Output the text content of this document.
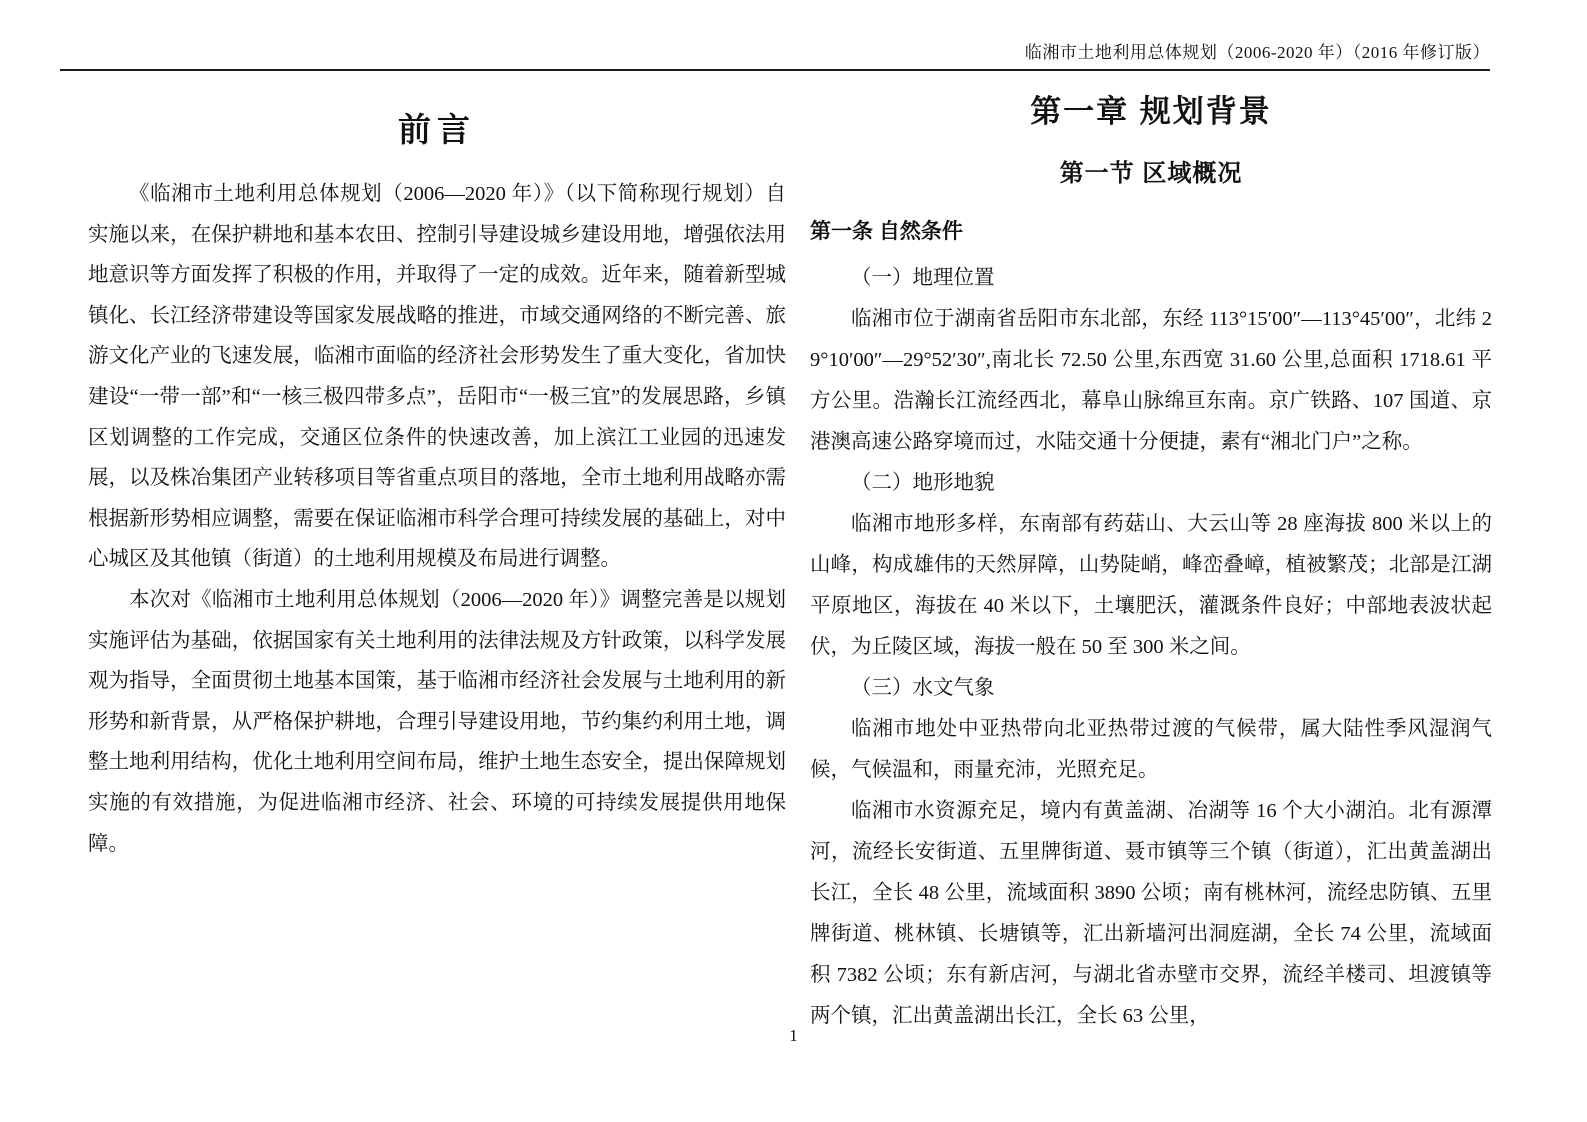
临湘市土地利用总体规划（2006-2020 年）（2016 年修订版）
前言

《临湘市土地利用总体规划（2006—2020 年）》（以下简称现行规划）自实施以来，在保护耕地和基本农田、控制引导建设城乡建设用地，增强依法用地意识等方面发挥了积极的作用，并取得了一定的成效。近年来，随着新型城镇化、长江经济带建设等国家发展战略的推进，市域交通网络的不断完善、旅游文化产业的飞速发展，临湘市面临的经济社会形势发生了重大变化，省加快建设“一带一部”和“一核三极四带多点”，岳阳市“一极三宜”的发展思路，乡镇区划调整的工作完成，交通区位条件的快速改善，加上滨江工业园的迅速发展，以及株冶集团产业转移项目等省重点项目的落地，全市土地利用战略亦需根据新形势相应调整，需要在保证临湘市科学合理可持续发展的基础上，对中心城区及其他镇（街道）的土地利用规模及布局进行调整。

本次对《临湘市土地利用总体规划（2006—2020 年）》调整完善是以规划实施评估为基础，依据国家有关土地利用的法律法规及方针政策，以科学发展观为指导，全面贯彻土地基本国策，基于临湘市经济社会发展与土地利用的新形势和新背景，从严格保护耕地，合理引导建设用地，节约集约利用土地，调整土地利用结构，优化土地利用空间布局，维护土地生态安全，提出保障规划实施的有效措施，为促进临湘市经济、社会、环境的可持续发展提供用地保障。

第一章 规划背景
第一节 区域概况
第一条 自然条件

（一）地理位置

临湘市位于湖南省岳阳市东北部，东经 113°15′00″—113°45′00″，北纬 29°10′00″—29°52′30″,南北长 72.50 公里,东西宽 31.60 公里,总面积 1718.61 平方公里。浩瀚长江流经西北，幕阜山脉绵亘东南。京广铁路、107 国道、京港澳高速公路穿境而过，水陆交通十分便捷，素有“湘北门户”之称。

（二）地形地貌

临湘市地形多样，东南部有药菇山、大云山等 28 座海拔 800 米以上的山峰，构成雄伟的天然屏障，山势陡峭，峰峦叠嶂，植被繁茂；北部是江湖平原地区，海拔在 40 米以下，土壤肥沃，灌溉条件良好；中部地表波状起伏，为丘陵区域，海拔一般在 50 至 300 米之间。

（三）水文气象

临湘市地处中亚热带向北亚热带过渡的气候带，属大陆性季风湿润气候，气候温和，雨量充沛，光照充足。

临湘市水资源充足，境内有黄盖湖、冶湖等 16 个大小湖泊。北有源潭河，流经长安街道、五里牌街道、聂市镇等三个镇（街道），汇出黄盖湖出长江，全长 48 公里，流域面积 3890 公顷；南有桃林河，流经忠防镇、五里牌街道、桃林镇、长塘镇等，汇出新墙河出洞庭湖，全长 74 公里，流域面积 7382 公顷；东有新店河，与湖北省赤壁市交界，流经羊楼司、坦渡镇等两个镇，汇出黄盖湖出长江，全长 63 公里，

1
